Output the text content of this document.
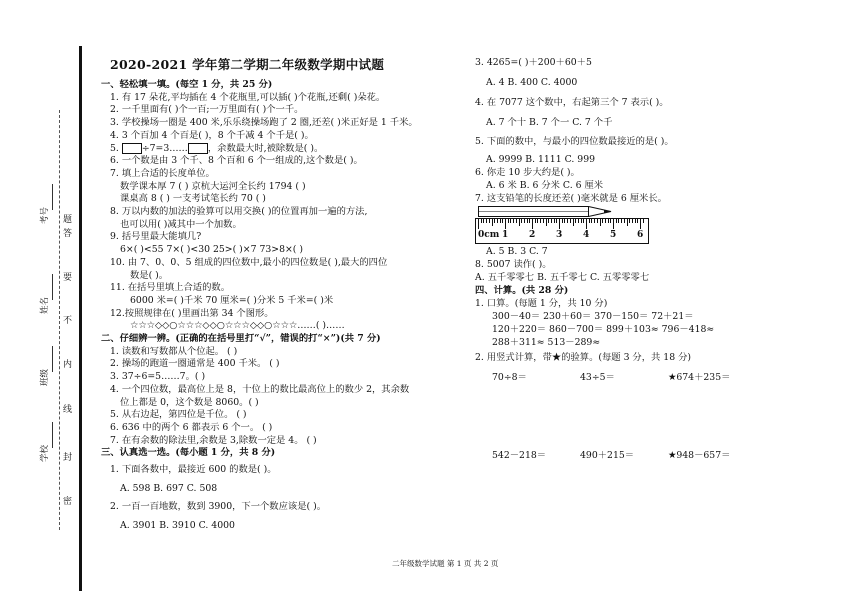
题
答
要
不
内
线
封
密
考号
姓名
班级
学校
2020-2021 学年第二学期二年级数学期中试题
一、轻松填一填。(每空 1 分，共 25 分)
1. 有 17 朵花,平均插在 4 个花瓶里,可以插( )个花瓶,还剩( )朵花。
2. 一千里面有( )个一百;一万里面有( )个一千。
3. 学校操场一圈是 400 米,乐乐绕操场跑了 2 圈,还差( )米正好是 1 千米。
4. 3 个百加 4 个百是( )，8 个千减 4 个千是( )。
5. ÷7=3…… ，余数最大时,被除数是( )。
6. 一个数是由 3 个千、8 个百和 6 个一组成的,这个数是( )。
7. 填上合适的长度单位。
数学课本厚 7 ( ) 京杭大运河全长约 1794 ( )
课桌高 8 ( ) 一支考试笔长约 70 ( )
8. 万以内数的加法的验算可以用交换( )的位置再加一遍的方法,
也可以用( )减其中一个加数。
9. 括号里最大能填几?
6×( )<55 7×( )<30 25>( )×7 73>8×( )
10. 由 7、0、0、5 组成的四位数中,最小的四位数是( ),最大的四位
数是( )。
11. 在括号里填上合适的数。
6000 米=( )千米 70 厘米=( )分米 5 千米=( )米
12.按照规律在( )里画出第 34 个图形。
☆☆☆◇◇○☆☆☆◇◇○☆☆☆◇◇○☆☆☆……( )……
二、仔细辨一辨。(正确的在括号里打“√”，错误的打“×”)(共 7 分)
1. 读数和写数都从个位起。 ( )
2. 操场的跑道一圈通常是 400 千米。 ( )
3. 37÷6=5……7。( )
4. 一个四位数，最高位上是 8，十位上的数比最高位上的数少 2，其余数
位上都是 0，这个数是 8060。( )
5. 从右边起，第四位是千位。 ( )
6. 636 中的两个 6 都表示 6 个一。 ( )
7. 在有余数的除法里,余数是 3,除数一定是 4。 ( )
三、认真选一选。(每小题 1 分，共 8 分)
1. 下面各数中，最接近 600 的数是( )。
A. 598 B. 697 C. 508
2. 一百一百地数，数到 3900，下一个数应该是( )。
A. 3901 B. 3910 C. 4000
3. 4265=( )＋200＋60＋5
A. 4 B. 400 C. 4000
4. 在 7077 这个数中，右起第三个 7 表示( )。
A. 7 个十 B. 7 个一 C. 7 个千
5. 下面的数中，与最小的四位数最接近的是( )。
A. 9999 B. 1111 C. 999
6. 你走 10 步大约是( )。
A. 6 米 B. 6 分米 C. 6 厘米
7. 这支铅笔的长度还差( )毫米就是 6 厘米长。
0cm 1 2 3 4 5 6
A. 5 B. 3 C. 7
8. 5007 读作( )。
A. 五千零零七 B. 五千零七 C. 五零零零七
四、计算。(共 28 分)
1. 口算。(每题 1 分，共 10 分)
300－40＝ 230＋60＝ 370－150＝ 72＋21＝
120＋220＝ 860－700＝ 899＋103≈ 796－418≈
288＋311≈ 513－289≈
2. 用竖式计算，带★的验算。(每题 3 分，共 18 分)
70÷8＝	43÷5＝	★674＋235＝
542－218＝	490＋215＝	★948－657＝
二年级数学试题 第 1 页 共 2 页
